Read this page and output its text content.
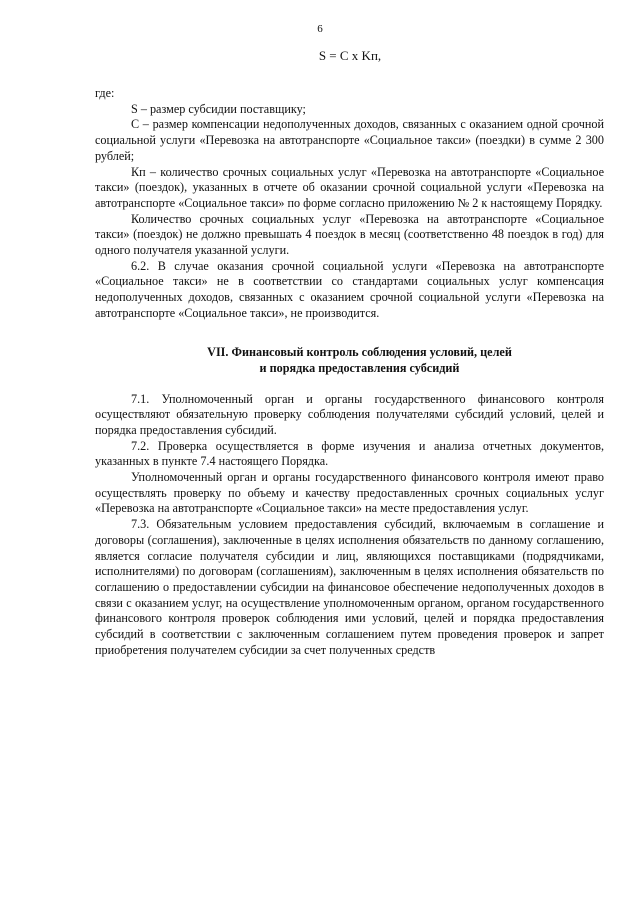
6
S = C x Kп,

где:

S – размер субсидии поставщику;

С – размер компенсации недополученных доходов, связанных с оказанием одной срочной социальной услуги «Перевозка на автотранспорте «Социальное такси» (поездки) в сумме 2 300 рублей;

Кп – количество срочных социальных услуг «Перевозка на автотранспорте «Социальное такси» (поездок), указанных в отчете об оказании срочной социальной услуги «Перевозка на автотранспорте «Социальное такси» по форме согласно приложению № 2 к настоящему Порядку.

Количество срочных социальных услуг «Перевозка на автотранспорте «Социальное такси» (поездок) не должно превышать 4 поездок в месяц (соответственно 48 поездок в год) для одного получателя указанной услуги.

6.2. В случае оказания срочной социальной услуги «Перевозка на автотранспорте «Социальное такси» не в соответствии со стандартами социальных услуг компенсация недополученных доходов, связанных с оказанием срочной социальной услуги «Перевозка на автотранспорте «Социальное такси», не производится.

VII. Финансовый контроль соблюдения условий, целей
и порядка предоставления субсидий

7.1. Уполномоченный орган и органы государственного финансового контроля осуществляют обязательную проверку соблюдения получателями субсидий условий, целей и порядка предоставления субсидий.

7.2. Проверка осуществляется в форме изучения и анализа отчетных документов, указанных в пункте 7.4 настоящего Порядка.

Уполномоченный орган и органы государственного финансового контроля имеют право осуществлять проверку по объему и качеству предоставленных срочных социальных услуг «Перевозка на автотранспорте «Социальное такси» на месте предоставления услуг.

7.3. Обязательным условием предоставления субсидий, включаемым в соглашение и договоры (соглашения), заключенные в целях исполнения обязательств по данному соглашению, является согласие получателя субсидии и лиц, являющихся поставщиками (подрядчиками, исполнителями) по договорам (соглашениям), заключенным в целях исполнения обязательств по соглашению о предоставлении субсидии на финансовое обеспечение недополученных доходов в связи с оказанием услуг, на осуществление уполномоченным органом, органом государственного финансового контроля проверок соблюдения ими условий, целей и порядка предоставления субсидий в соответствии с заключенным соглашением путем проведения проверок и запрет приобретения получателем субсидии за счет полученных средств
